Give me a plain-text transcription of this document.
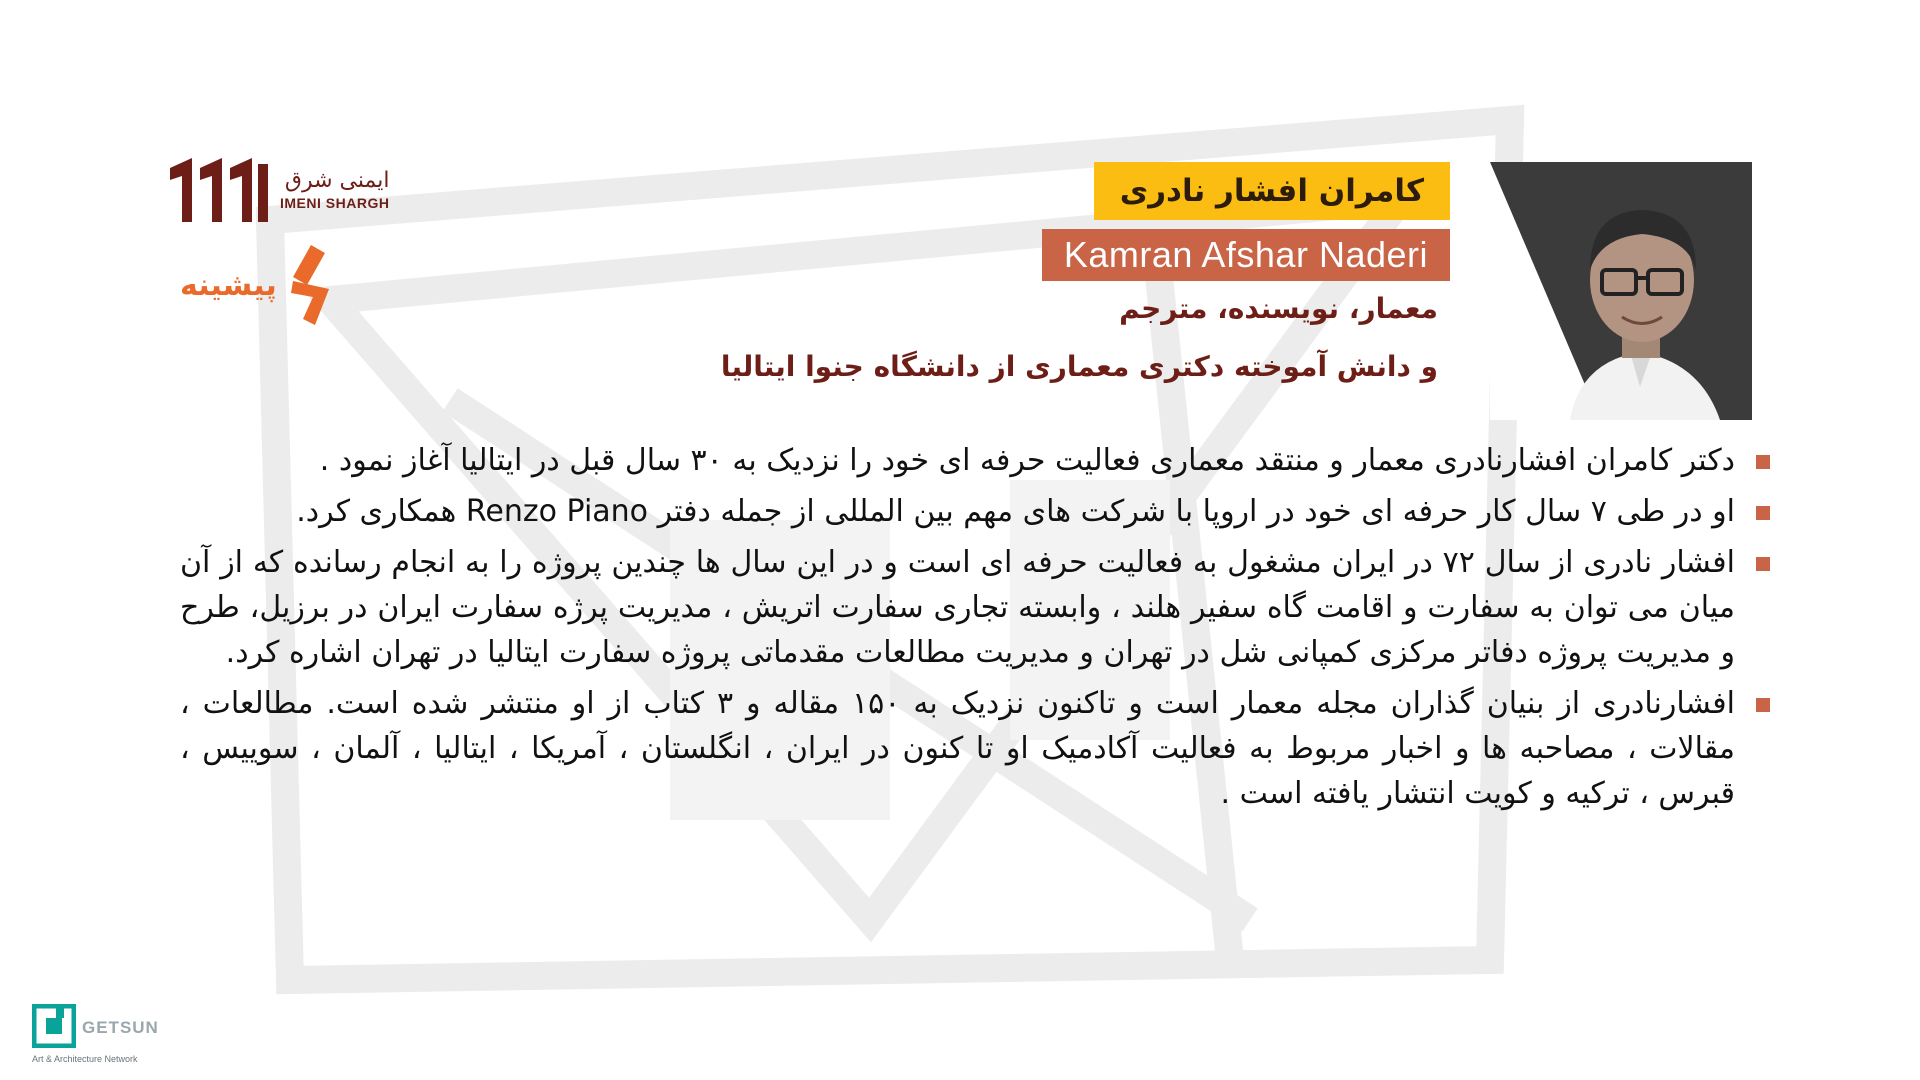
ایمنی شرق
IMENI SHARGH
پیشینه
GETSUN
Art & Architecture Network
کامران افشار نادری
Kamran Afshar Naderi
معمار، نویسنده، مترجم
و دانش آموخته دکتری معماری از دانشگاه جنوا ایتالیا
دکتر کامران افشارنادری معمار و منتقد معماری فعالیت حرفه ای خود را نزدیک به ۳۰ سال قبل در ایتالیا آغاز نمود .
او در طی ۷ سال کار حرفه ای خود در اروپا با شرکت های مهم بین المللی از جمله دفتر Renzo Piano همکاری کرد.
افشار نادری از سال ۷۲ در ایران مشغول به فعالیت حرفه ای است و در این سال ها چندین پروژه را به انجام رسانده که از آن میان می توان به سفارت و اقامت گاه سفیر هلند ، وابسته تجاری سفارت اتریش ، مدیریت پرژه سفارت ایران در برزیل، طرح و مدیریت پروژه دفاتر مرکزی کمپانی شل در تهران و مدیریت مطالعات مقدماتی پروژه سفارت ایتالیا در تهران اشاره کرد.
افشارنادری از بنیان گذاران مجله معمار است و تاکنون نزدیک به ۱۵۰ مقاله و ۳ کتاب از او منتشر شده است. مطالعات ، مقالات ، مصاحبه ها و اخبار مربوط به فعالیت آکادمیک او تا کنون در ایران ، انگلستان ، آمریکا ، ایتالیا ، آلمان ، سوییس ، قبرس ، ترکیه و کویت انتشار یافته است .
